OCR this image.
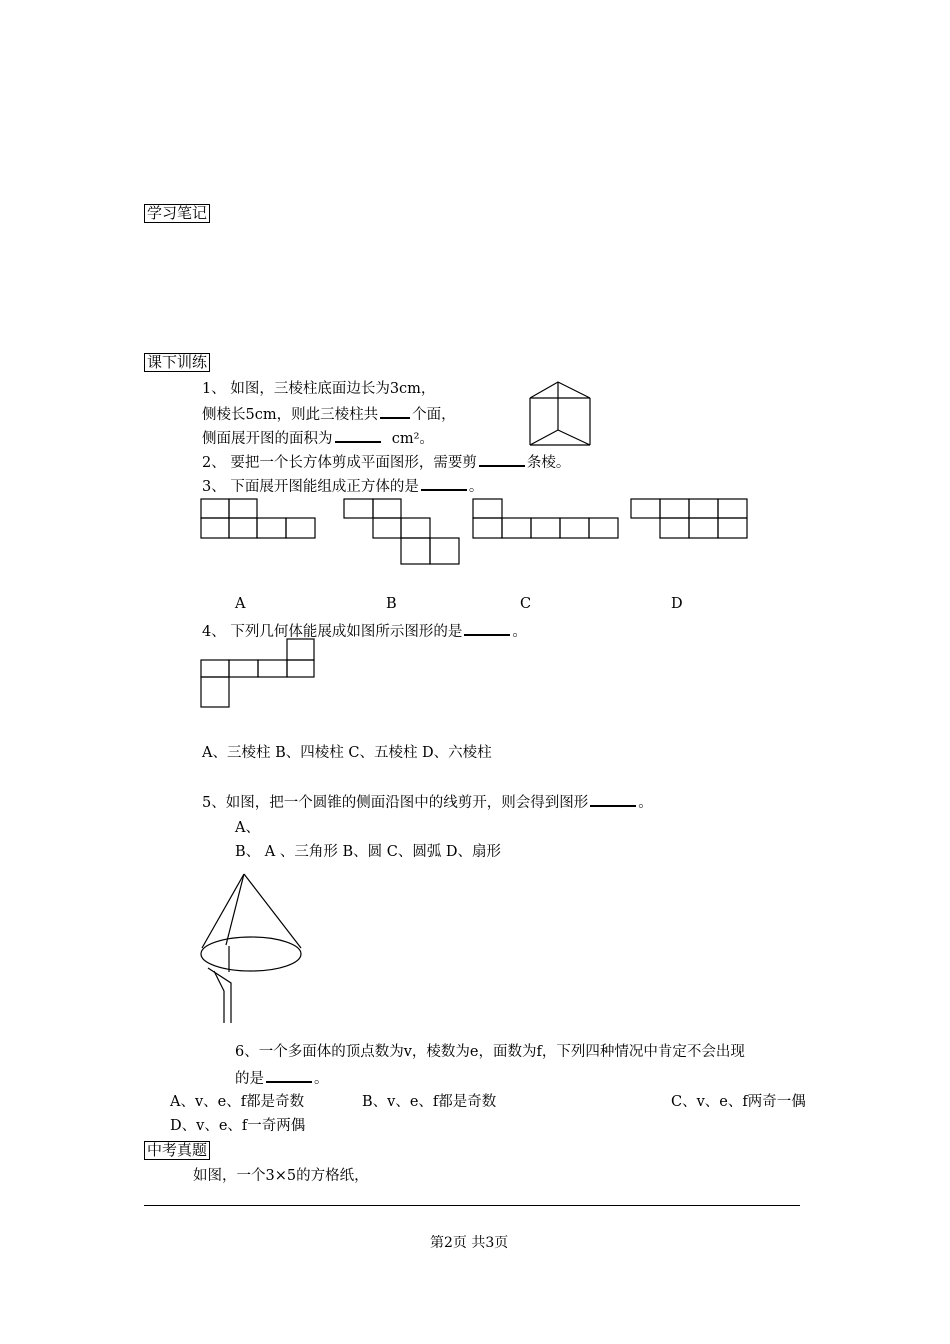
学习笔记
课下训练
1、 如图，三棱柱底面边长为3cm，
侧棱长5cm，则此三棱柱共 个面，
侧面展开图的面积为	cm²。
2、 要把一个长方体剪成平面图形，需要剪	条棱。
3、 下面展开图能组成正方体的是	。
A	B	C	D
4、 下列几何体能展成如图所示图形的是	。
A、三棱柱 B、四棱柱 C、五棱柱 D、六棱柱
5、如图，把一个圆锥的侧面沿图中的线剪开，则会得到图形	。
A、
B、 A 、三角形 B、圆 C、圆弧 D、扇形
6、一个多面体的顶点数为v，棱数为e，面数为f，下列四种情况中肯定不会出现
的是	。
A、v、e、f都是奇数	B、v、e、f都是奇数	C、v、e、f两奇一偶
D、v、e、f一奇两偶
中考真题
如图，一个3×5的方格纸，
第2页 共3页
